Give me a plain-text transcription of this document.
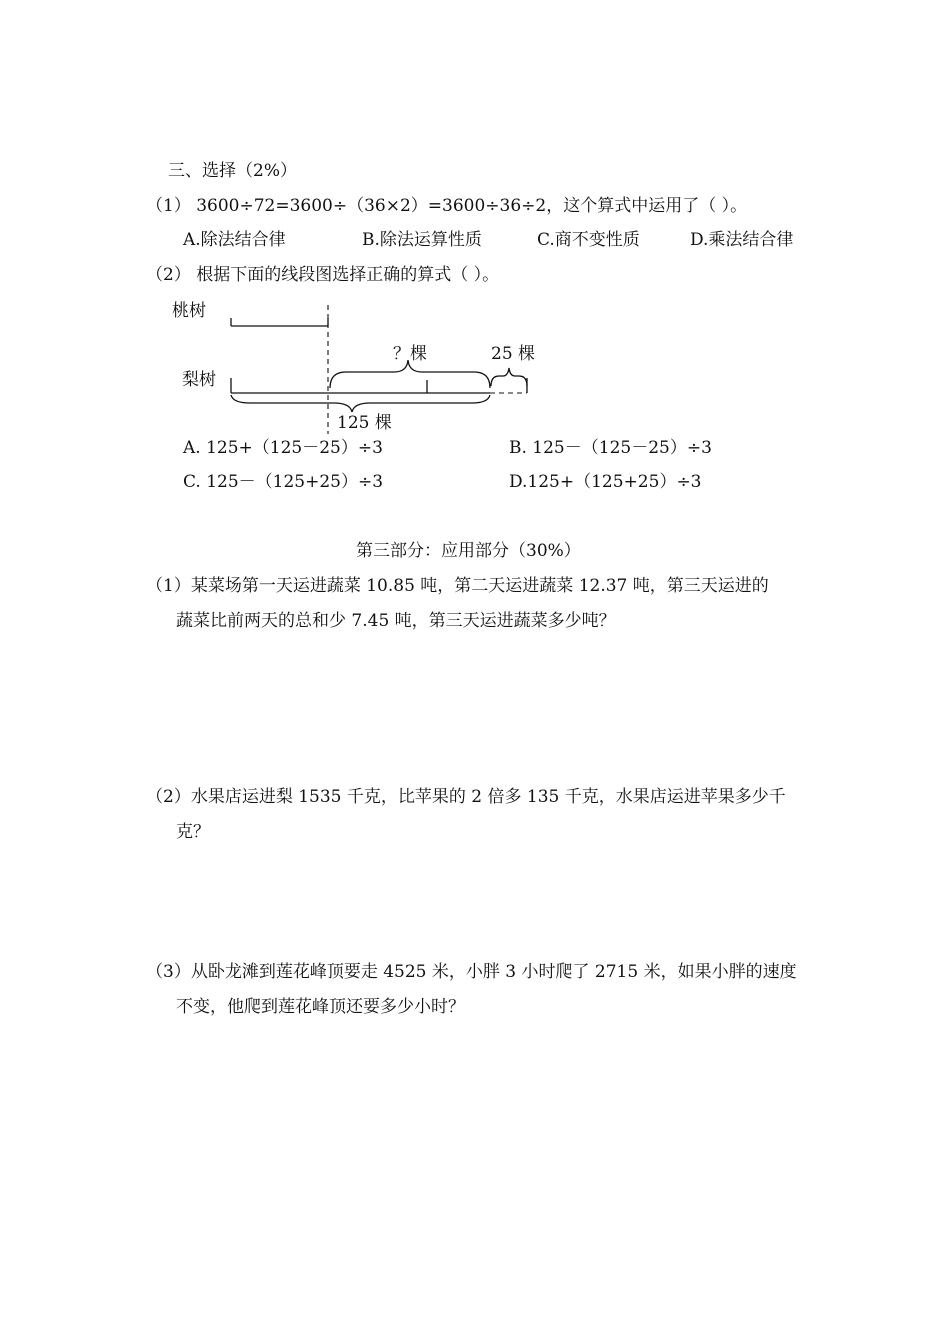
三、选择（2%）
（1） 3600÷72=3600÷（36×2）=3600÷36÷2，这个算式中运用了（ ）。
A.除法结合律	B.除法运算性质	C.商不变性质	D.乘法结合律
（2） 根据下面的线段图选择正确的算式（ ）。
桃树
梨树
？棵	25 棵
125 棵
A. 125+（125－25）÷3	B. 125－（125－25）÷3
C. 125－（125+25）÷3	D.125+（125+25）÷3
第三部分：应用部分（30%）
（1）某菜场第一天运进蔬菜 10.85 吨，第二天运进蔬菜 12.37 吨，第三天运进的
蔬菜比前两天的总和少 7.45 吨，第三天运进蔬菜多少吨？
（2）水果店运进梨 1535 千克，比苹果的 2 倍多 135 千克，水果店运进苹果多少千
克？
（3）从卧龙滩到莲花峰顶要走 4525 米，小胖 3 小时爬了 2715 米，如果小胖的速度
不变，他爬到莲花峰顶还要多少小时？
